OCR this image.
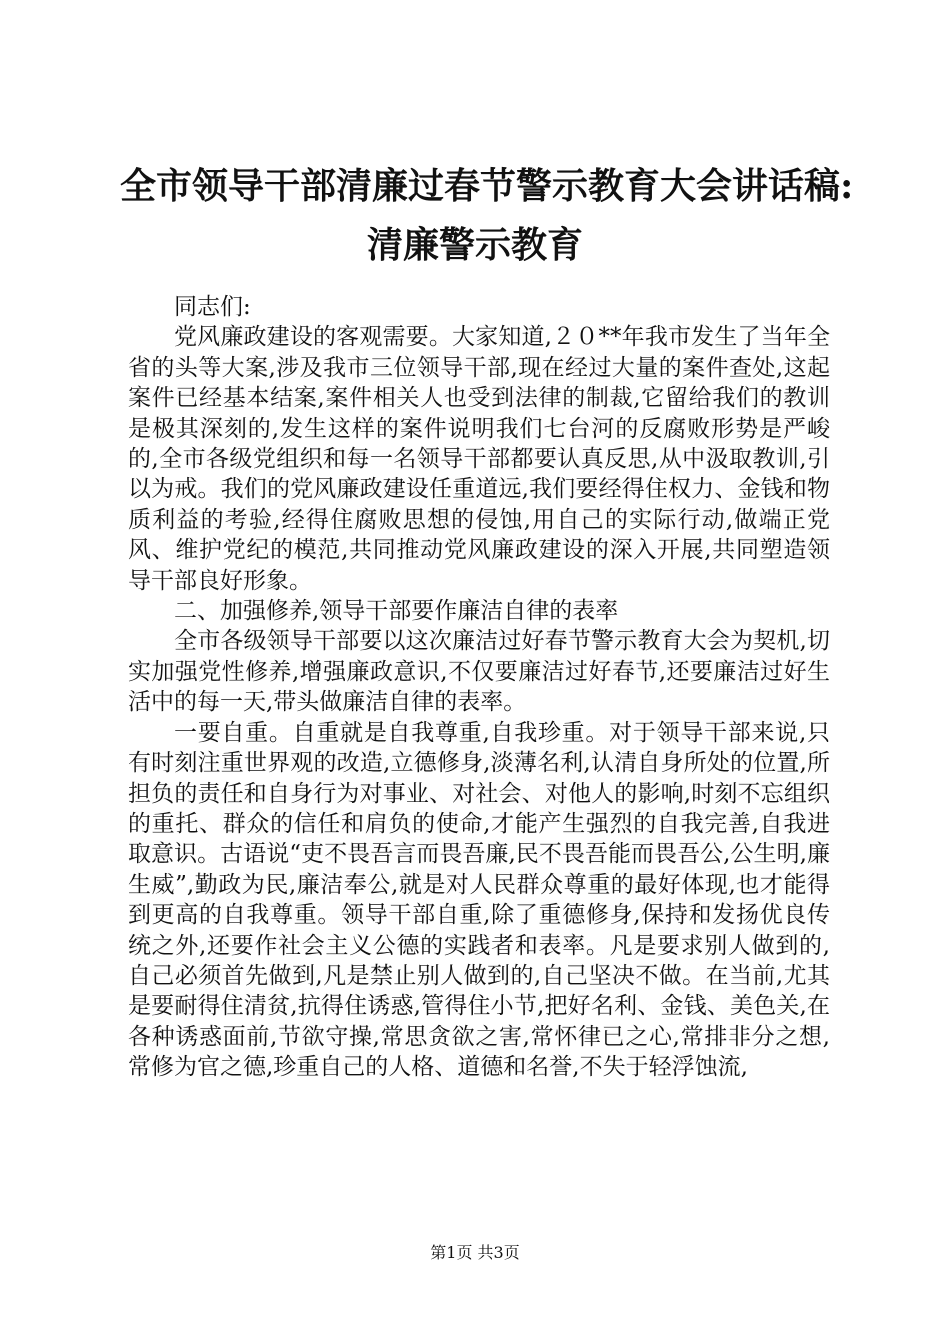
全市领导干部清廉过春节警示教育大会讲话稿:
清廉警示教育

同志们:

党风廉政建设的客观需要。大家知道,２０**年我市发生了当年全省的头等大案,涉及我市三位领导干部,现在经过大量的案件查处,这起案件已经基本结案,案件相关人也受到法律的制裁,它留给我们的教训是极其深刻的,发生这样的案件说明我们七台河的反腐败形势是严峻的,全市各级党组织和每一名领导干部都要认真反思,从中汲取教训,引以为戒。我们的党风廉政建设任重道远,我们要经得住权力、金钱和物质利益的考验,经得住腐败思想的侵蚀,用自己的实际行动,做端正党风、维护党纪的模范,共同推动党风廉政建设的深入开展,共同塑造领导干部良好形象。

二、加强修养,领导干部要作廉洁自律的表率

全市各级领导干部要以这次廉洁过好春节警示教育大会为契机,切实加强党性修养,增强廉政意识,不仅要廉洁过好春节,还要廉洁过好生活中的每一天,带头做廉洁自律的表率。

一要自重。自重就是自我尊重,自我珍重。对于领导干部来说,只有时刻注重世界观的改造,立德修身,淡薄名利,认清自身所处的位置,所担负的责任和自身行为对事业、对社会、对他人的影响,时刻不忘组织的重托、群众的信任和肩负的使命,才能产生强烈的自我完善,自我进取意识。古语说“吏不畏吾言而畏吾廉,民不畏吾能而畏吾公,公生明,廉生威”,勤政为民,廉洁奉公,就是对人民群众尊重的最好体现,也才能得到更高的自我尊重。领导干部自重,除了重德修身,保持和发扬优良传统之外,还要作社会主义公德的实践者和表率。凡是要求别人做到的,自己必须首先做到,凡是禁止别人做到的,自己坚决不做。在当前,尤其是要耐得住清贫,抗得住诱惑,管得住小节,把好名利、金钱、美色关,在各种诱惑面前,节欲守操,常思贪欲之害,常怀律已之心,常排非分之想,常修为官之德,珍重自己的人格、道德和名誉,不失于轻浮蚀流,

第1页 共3页
